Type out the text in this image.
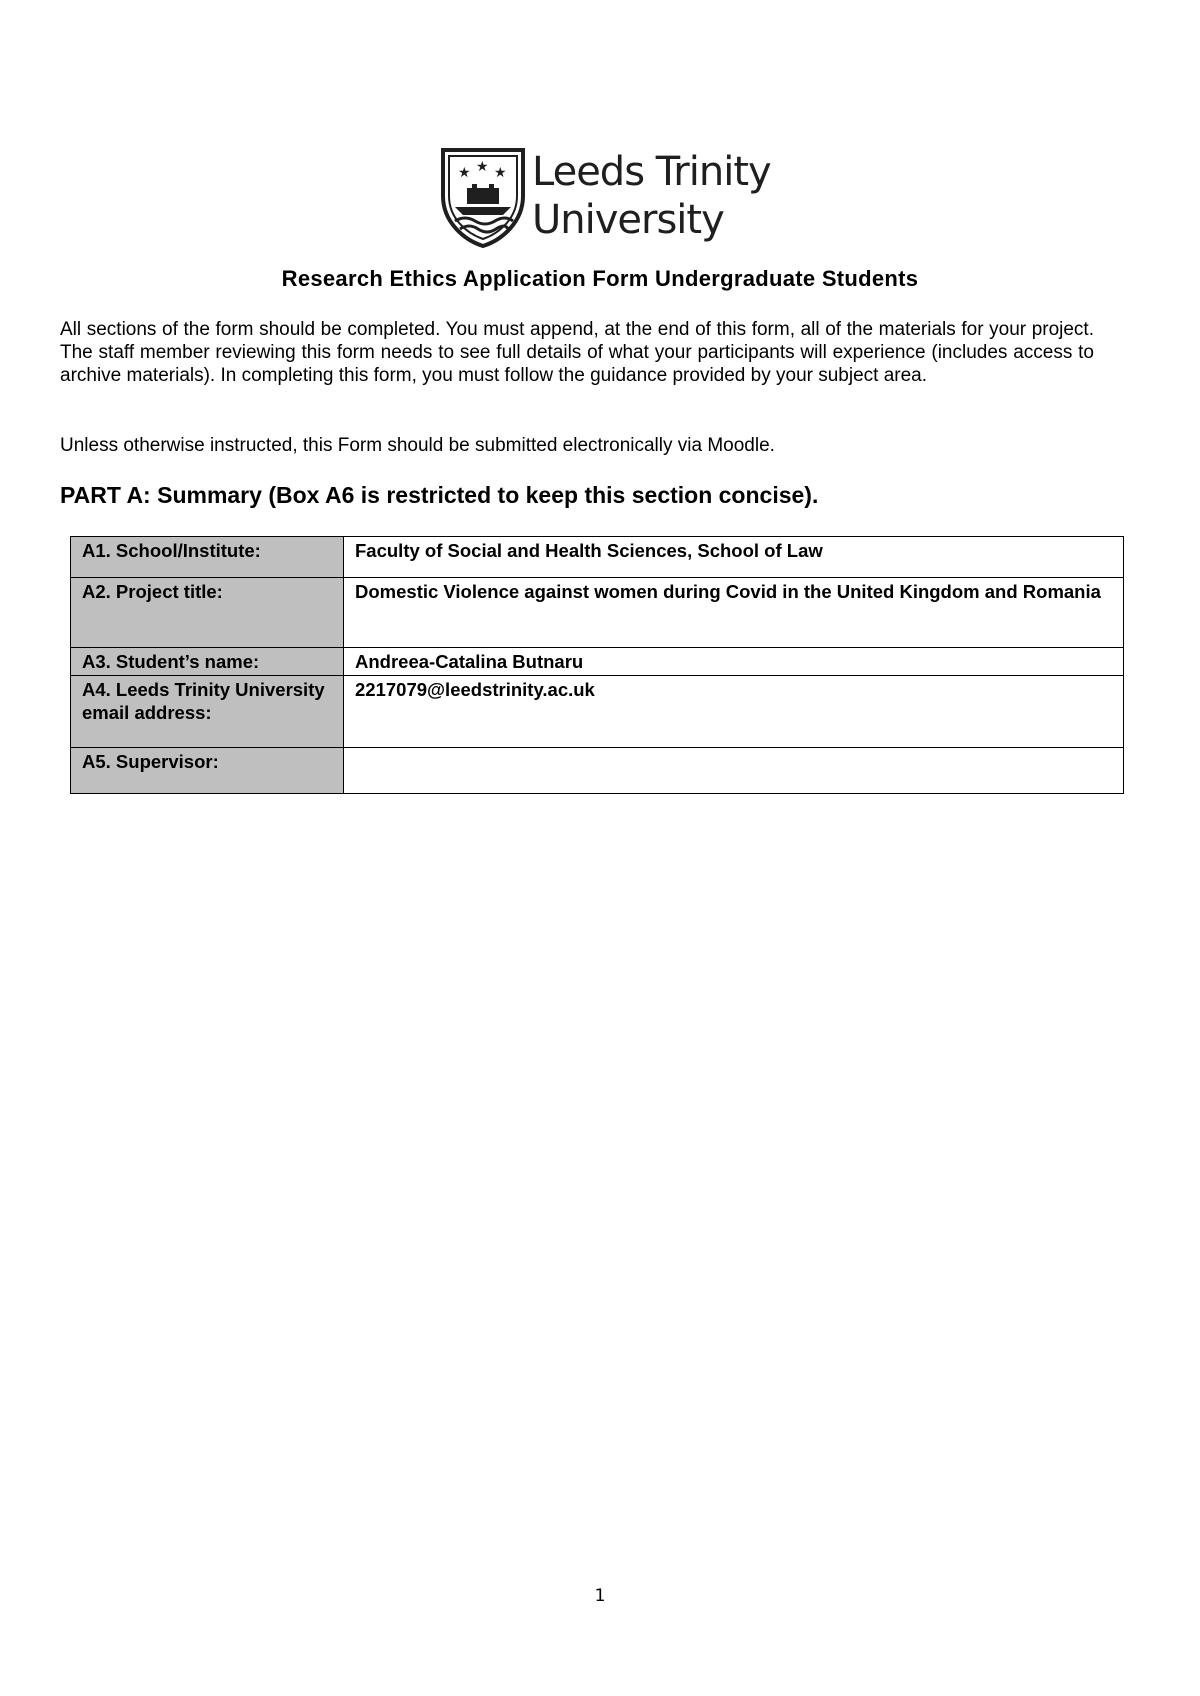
★ ★ ★ Leeds Trinity
University
Research Ethics Application Form Undergraduate Students

All sections of the form should be completed. You must append, at the end of this form, all of the materials for your project. The staff member reviewing this form needs to see full details of what your participants will experience (includes access to archive materials). In completing this form, you must follow the guidance provided by your subject area.

Unless otherwise instructed, this Form should be submitted electronically via Moodle.

PART A: Summary (Box A6 is restricted to keep this section concise).
A1. School/Institute:	Faculty of Social and Health Sciences, School of Law
A2. Project title:	Domestic Violence against women during Covid in the United Kingdom and Romania
A3. Student’s name:	Andreea-Catalina Butnaru
A4. Leeds Trinity University email address:	2217079@leedstrinity.ac.uk
A5. Supervisor:	
1
